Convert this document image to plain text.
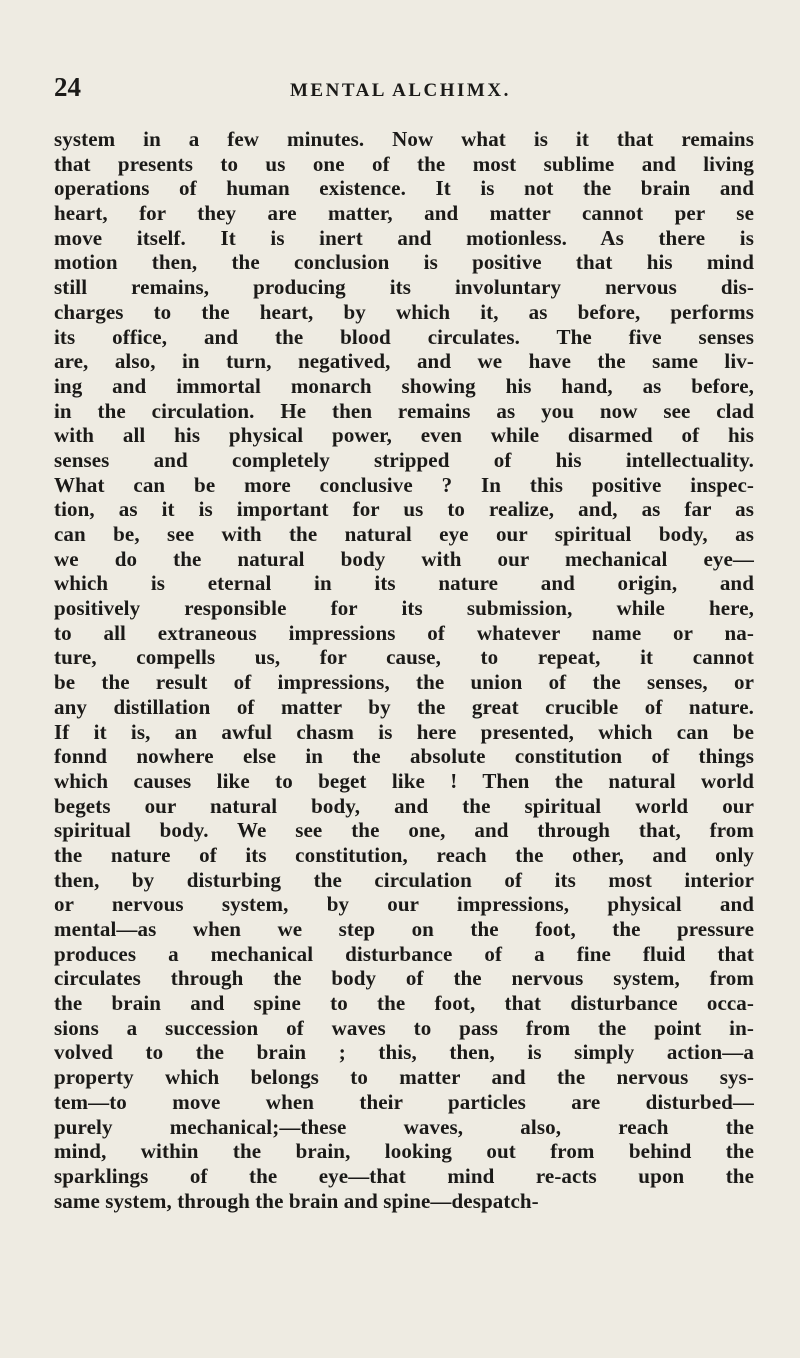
24	MENTAL ALCHIMX.
system in a few minutes. Now what is it that remains
that presents to us one of the most sublime and living
operations of human existence. It is not the brain and
heart, for they are matter, and matter cannot per se
move itself. It is inert and motionless. As there is
motion then, the conclusion is positive that his mind
still remains, producing its involuntary nervous dis-
charges to the heart, by which it, as before, performs
its office, and the blood circulates. The five senses
are, also, in turn, negatived, and we have the same liv-
ing and immortal monarch showing his hand, as before,
in the circulation. He then remains as you now see clad
with all his physical power, even while disarmed of his
senses and completely stripped of his intellectuality.
What can be more conclusive ? In this positive inspec-
tion, as it is important for us to realize, and, as far as
can be, see with the natural eye our spiritual body, as
we do the natural body with our mechanical eye—
which is eternal in its nature and origin, and
positively responsible for its submission, while here,
to all extraneous impressions of whatever name or na-
ture, compells us, for cause, to repeat, it cannot
be the result of impressions, the union of the senses, or
any distillation of matter by the great crucible of nature.
If it is, an awful chasm is here presented, which can be
fonnd nowhere else in the absolute constitution of things
which causes like to beget like ! Then the natural world
begets our natural body, and the spiritual world our
spiritual body. We see the one, and through that, from
the nature of its constitution, reach the other, and only
then, by disturbing the circulation of its most interior
or nervous system, by our impressions, physical and
mental—as when we step on the foot, the pressure
produces a mechanical disturbance of a fine fluid that
circulates through the body of the nervous system, from
the brain and spine to the foot, that disturbance occa-
sions a succession of waves to pass from the point in-
volved to the brain ; this, then, is simply action—a
property which belongs to matter and the nervous sys-
tem—to move when their particles are disturbed—
purely mechanical;—these waves, also, reach the
mind, within the brain, looking out from behind the
sparklings of the eye—that mind re-acts upon the
same system, through the brain and spine—despatch-
